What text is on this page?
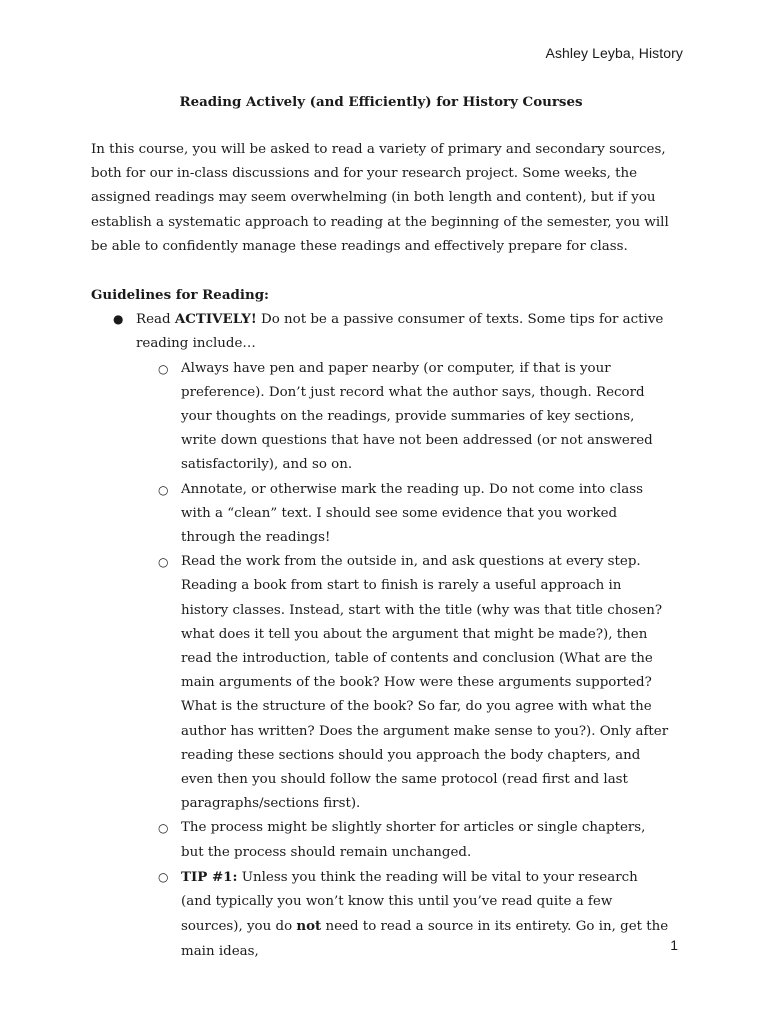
Ashley Leyba, History

Reading Actively (and Efficiently) for History Courses

In this course, you will be asked to read a variety of primary and secondary sources, both for our in-class discussions and for your research project. Some weeks, the assigned readings may seem overwhelming (in both length and content), but if you establish a systematic approach to reading at the beginning of the semester, you will be able to confidently manage these readings and effectively prepare for class.

Guidelines for Reading:

● Read ACTIVELY! Do not be a passive consumer of texts. Some tips for active reading include…
○ Always have pen and paper nearby (or computer, if that is your preference). Don’t just record what the author says, though. Record your thoughts on the readings, provide summaries of key sections, write down questions that have not been addressed (or not answered satisfactorily), and so on.
○ Annotate, or otherwise mark the reading up. Do not come into class with a “clean” text. I should see some evidence that you worked through the readings!
○ Read the work from the outside in, and ask questions at every step. Reading a book from start to finish is rarely a useful approach in history classes. Instead, start with the title (why was that title chosen? what does it tell you about the argument that might be made?), then read the introduction, table of contents and conclusion (What are the main arguments of the book? How were these arguments supported? What is the structure of the book? So far, do you agree with what the author has written? Does the argument make sense to you?). Only after reading these sections should you approach the body chapters, and even then you should follow the same protocol (read first and last paragraphs/sections first).
○ The process might be slightly shorter for articles or single chapters, but the process should remain unchanged.
○ TIP #1: Unless you think the reading will be vital to your research (and typically you won’t know this until you’ve read quite a few sources), you do not need to read a source in its entirety. Go in, get the main ideas,	1
